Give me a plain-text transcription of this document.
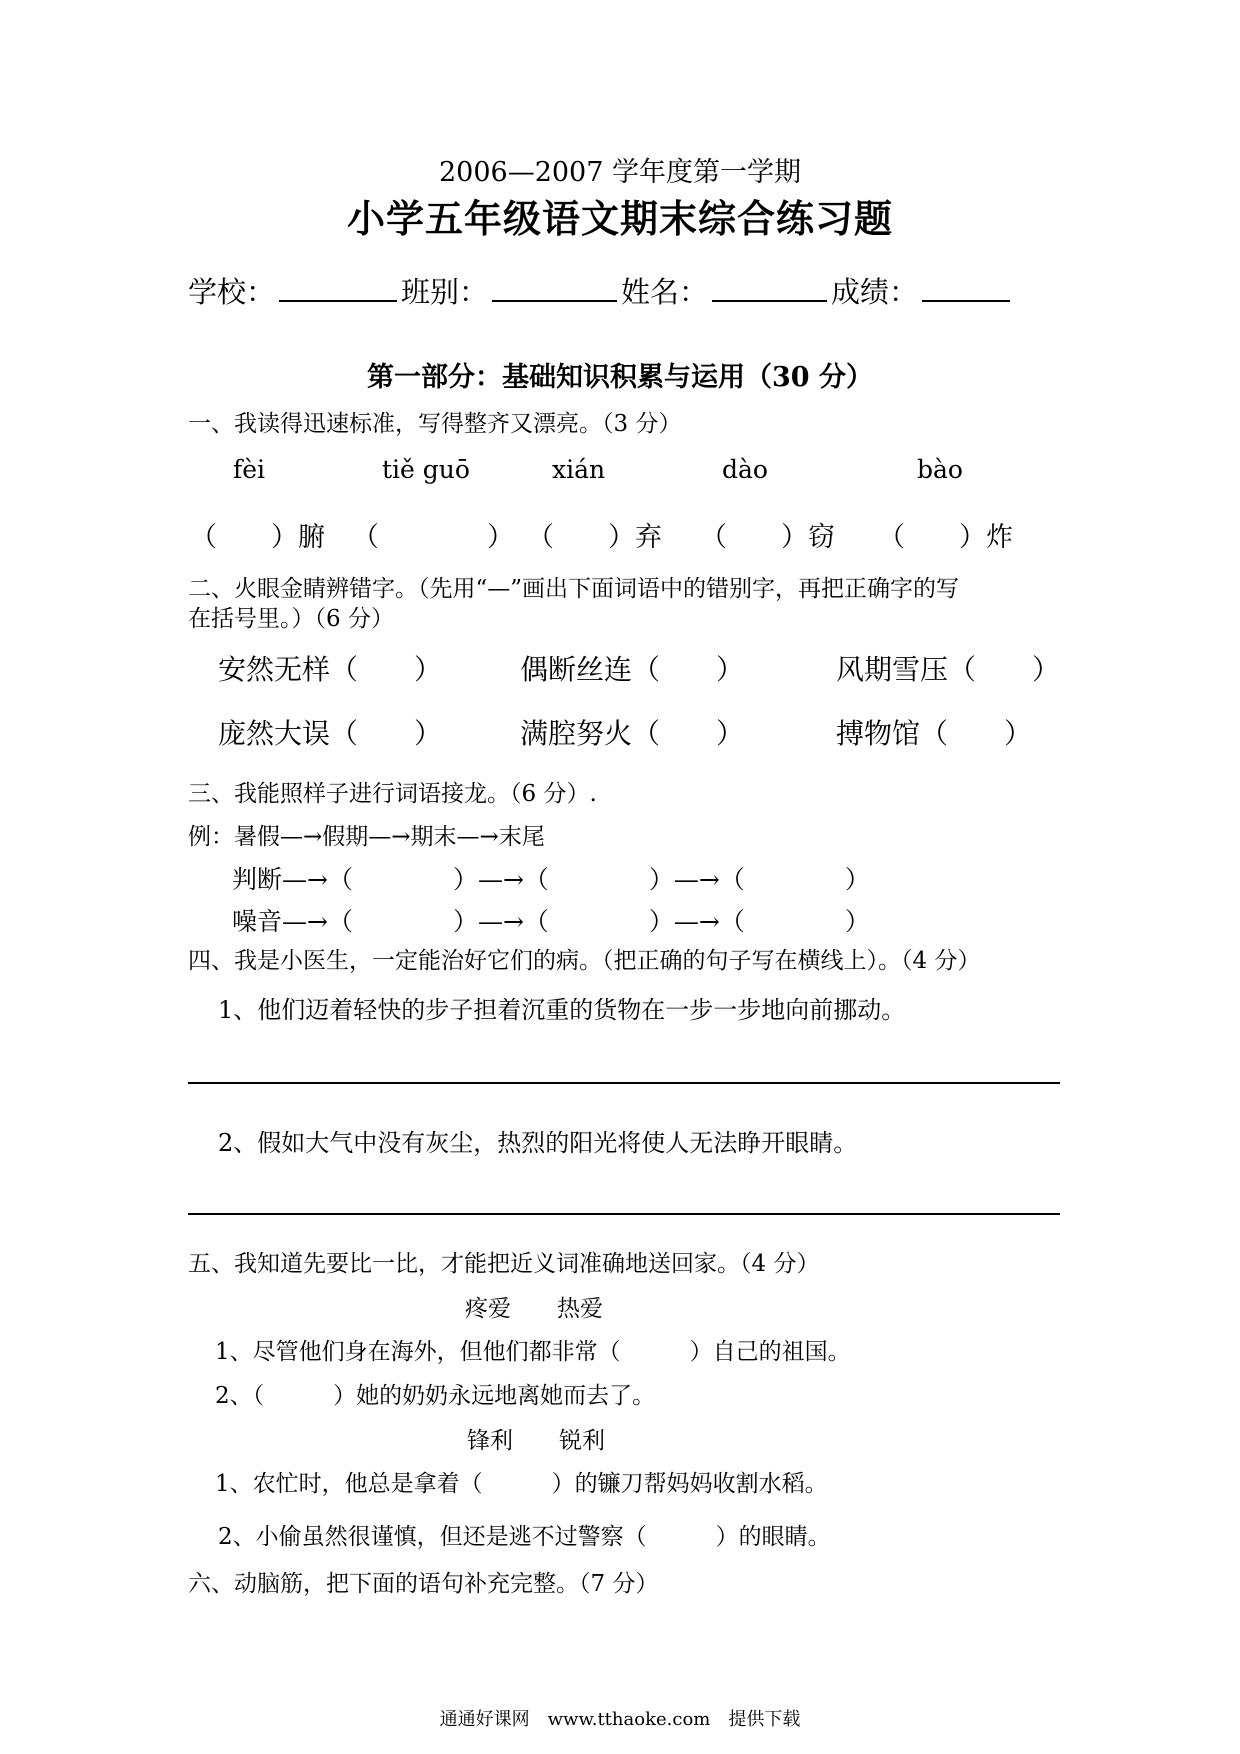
2006—2007 学年度第一学期
小学五年级语文期末综合练习题
学校：	班别：	姓名：	成绩：
第一部分：基础知识积累与运用（30 分）
一、我读得迅速标准，写得整齐又漂亮。（3 分）
fèi	tiě guō	xián	dào	bào
（　　）腑 （　　　　） （　　）弃 （　　）窃 （　　）炸
二、火眼金睛辨错字。（先用“—”画出下面词语中的错别字，再把正确字的写
在括号里。）（6 分）
安然无样（　　）	偶断丝连（　　）	风期雪压（　　）
庞然大误（　　）	满腔努火（　　）	搏物馆（　　）
三、我能照样子进行词语接龙。（6 分）.
例：暑假—→假期—→期末—→末尾
判断—→（　　　　）—→（　　　　）—→（　　　　）
噪音—→（　　　　）—→（　　　　）—→（　　　　）
四、我是小医生，一定能治好它们的病。（把正确的句子写在横线上）。（4 分）
1、他们迈着轻快的步子担着沉重的货物在一步一步地向前挪动。
2、假如大气中没有灰尘，热烈的阳光将使人无法睁开眼睛。
五、我知道先要比一比，才能把近义词准确地送回家。（4 分）
疼爱　　热爱
1、尽管他们身在海外，但他们都非常（　　　）自己的祖国。
2、（　　　）她的奶奶永远地离她而去了。
锋利　　锐利
1、农忙时，他总是拿着（　　　）的镰刀帮妈妈收割水稻。
2、小偷虽然很谨慎，但还是逃不过警察（　　　）的眼睛。
六、动脑筋，把下面的语句补充完整。（7 分）
通通好课网　www.tthaoke.com　提供下载
